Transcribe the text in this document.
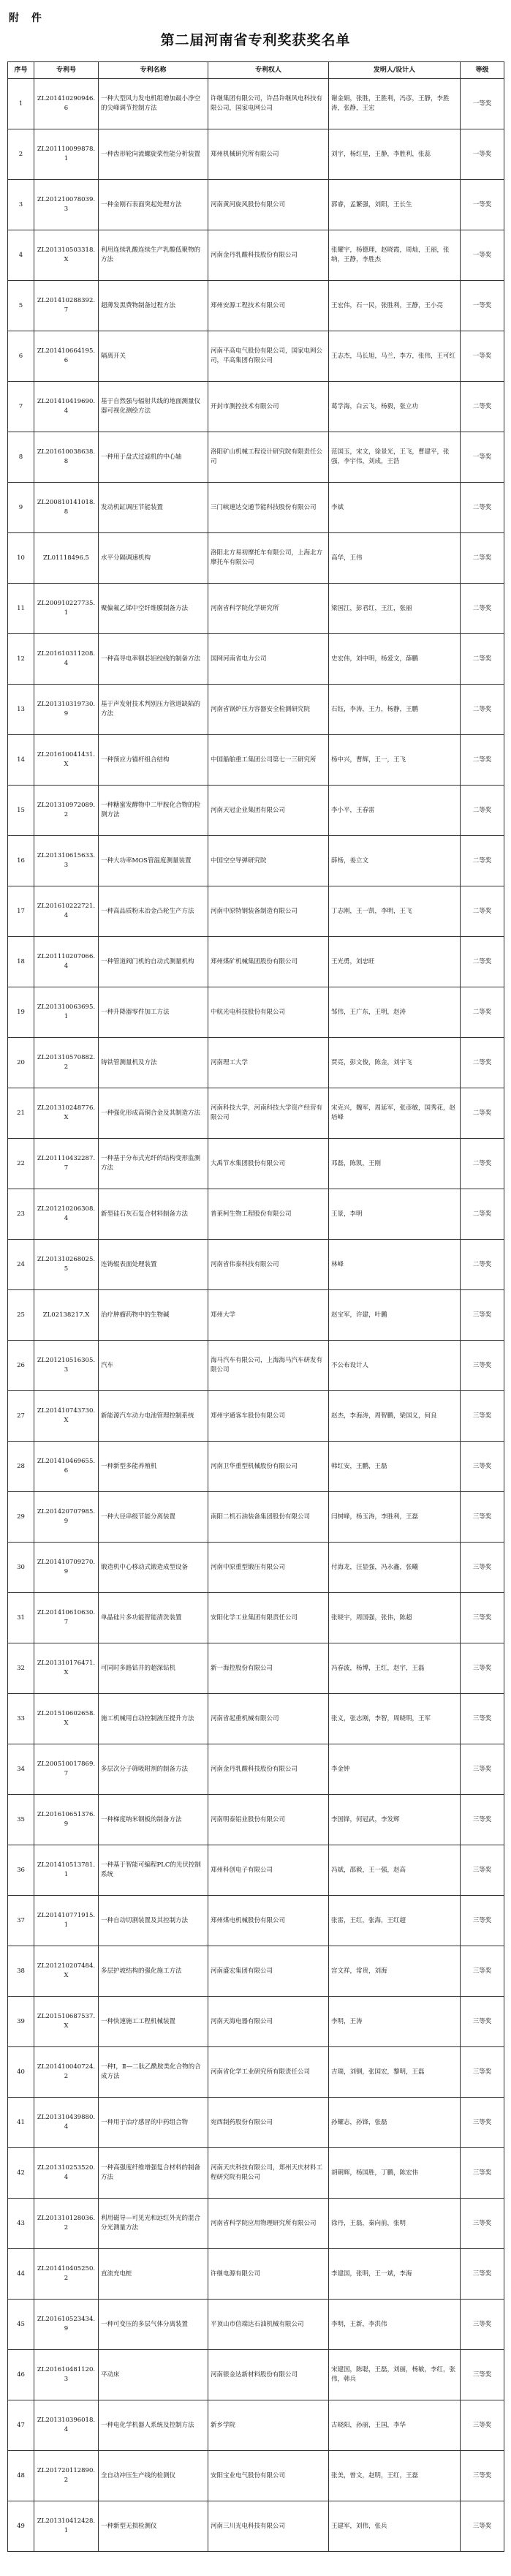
附 件
第二届河南省专利奖获奖名单
序号	专利号	专利名称	专利权人	发明人/设计人	等级
1	ZL201410290946.6	一种大型风力发电机组增加最小净空的尖峰调节控制方法	许继集团有限公司，许昌许继风电科技有限公司，国家电网公司	谢金娟，张胜，王胜利，冯彦，王静，李胜涛，张静，王宏	一等奖
2	ZL201110099878.1	一种齿形轮向流螺旋桨性能分析装置	郑州机械研究所有限公司	刘宇，杨红星，王静，李胜利，张蕊	一等奖
3	ZL201210078039.3	一种金刚石表面突起处理方法	河南黄河旋风股份有限公司	郭睿，孟繁强，刘阳，王长生	一等奖
4	ZL201310503318.X	利用连续乳酸连续生产乳酸低聚物的方法	河南金丹乳酸科技股份有限公司	张耀宇，杨德理，赵晓霞，周灿，王丽，张纳，王静，李胜杰	一等奖
5	ZL201410288392.7	超薄发黑费物制备过程方法	郑州安源工程技术有限公司	王宏伟，石一民，张胜利，王静，王小亮	一等奖
6	ZL201410664195.6	隔离开关	河南平高电气股份有限公司，国家电网公司，平高集团有限公司	王志杰，马长旭，马兰，李方，张伟，王可红	一等奖
7	ZL201410419690.4	基于自然强与辐射共线的地面测量仪器可视化测绘方法	开封市测控技术有限公司	葛学海，白云飞，杨毅，张立功	二等奖
8	ZL201610038638.8	一种用于盘式过滤机的中心轴	洛阳矿山机械工程设计研究院有限责任公司	范国玉，宋文，徐景光，王飞，曹建平，张强，李宇伟，刘成，王浩	一等奖
9	ZL200810141018.8	发动机缸调压节能装置	三门峡速达交通节能科技股份有限公司	李斌	二等奖
10	ZL01118496.5	水平分隔调速机构	洛阳北方易初摩托车有限公司，上海北方摩托车有限公司	高华，王伟	二等奖
11	ZL200910227735.1	聚偏氟乙烯中空纤维膜制备方法	河南省科学院化学研究所	梁国江，彭君红，王江，张丽	二等奖
12	ZL201610311208.4	一种高导电率钢芯铝绞线的制备方法	国网河南省电力公司	史宏伟，刘中明，杨爱文，薛鹏	二等奖
13	ZL201310319730.9	基于声发射技术判别压力管道缺陷的方法	河南省锅炉压力容器安全检测研究院	石钰，李涛，王力，杨静，王鹏	二等奖
14	ZL201610041431.X	一种预应力锚杆组合结构	中国船舶重工集团公司第七一三研究所	杨中兴，曹辉，王一，王飞	二等奖
15	ZL201310972089.2	一种糖蜜发酵物中二甲胺化合物的检测方法	河南天冠企业集团有限公司	李小平，王春雷	二等奖
16	ZL201310615633.3	一种大功率MOS管温度测量装置	中国空空导弹研究院	薛杨，姜立文	二等奖
17	ZL201610222721.4	一种高品质粉末冶金凸轮生产方法	河南中原特钢装备制造有限公司	丁志刚，王一凯，李明，王飞	二等奖
18	ZL201110207066.4	一种管道阀门机的自动式测量机构	郑州煤矿机械集团股份有限公司	王光勇，刘忠旺	二等奖
19	ZL201310063695.1	一种升降器零件加工方法	中航光电科技股份有限公司	邹伟，王广东，王明，赵涛	二等奖
20	ZL201310570882.2	铸铁管测量机及方法	河南理工大学	贾亮，彭文俊，陈金，刘宇飞	二等奖
21	ZL201310248776.X	一种强化形成高铜合金及其制造方法	河南科技大学，河南科技大学资产经营有限公司	宋克兴，魏军，周延军，张彦敏，国秀花，赵培峰	二等奖
22	ZL201110432287.7	一种基于分布式光纤的结构变形监测方法	大禹节水集团股份有限公司	邓磊，陈凯，王刚	二等奖
23	ZL201210206308.4	新型硅石灰石复合材料制备方法	普莱柯生物工程股份有限公司	王景，李明	二等奖
24	ZL201310268025.5	连铸辊表面处理装置	河南省伟泰科技有限公司	林峰	二等奖
25	ZL02138217.X	治疗肿瘤药物中的生物碱	郑州大学	赵宝军，许建，叶鹏	三等奖
26	ZL201210516305.3	汽车	海马汽车有限公司，上海海马汽车研发有限公司	不公布设计人	三等奖
27	ZL201410743730.X	新能源汽车动力电池管理控制系统	郑州宇通客车股份有限公司	赵杰，李海涛，周智鹏，梁国义，何良	三等奖
28	ZL201410469655.6	一种新型多能养殖机	河南卫华重型机械股份有限公司	韩红安，王鹏，王磊	三等奖
29	ZL201420707985.9	一种大径串级节能分离装置	南阳二机石油装备集团股份有限公司	闫树峰，杨玉涛，李胜利，王磊	三等奖
30	ZL201410709270.9	锻造机中心移动式锻造成型设备	河南中原重型锻压有限公司	付海龙，汪显强，冯永鑫，张曦	三等奖
31	ZL201410610630.7	单晶硅片多功能智能清洗装置	安阳化学工业集团有限责任公司	张晓宇，周国强，张伟，陈超	三等奖
32	ZL201310176471.X	可同时多路钻井的超深钻机	新一海控股份有限公司	冯春波，杨博，王红，赵宇，王磊	三等奖
33	ZL201510602658.X	施工机械用自动控制液压提升方法	河南省起重机械有限公司	张义，张志刚，李智，周晓明，王军	三等奖
34	ZL200510017869.7	多层次分子筛吸附剂的制备方法	河南金丹乳酸科技股份有限公司	李金钟	三等奖
35	ZL201610651376.9	一种梯度纳米钢板的制备方法	河南明泰铝业股份有限公司	李国锋，何冠武，李发辉	三等奖
36	ZL201410513781.1	一种基于智能可编程PLC的光伏控制系统	郑州科创电子有限公司	冯斌，邵毅，王一强，赵高	三等奖
37	ZL201410771915.1	一种自动切割装置及其控制方法	郑州煤电机械股份有限公司	张雷，王红，张海，王红超	三等奖
38	ZL201210207484.X	多层护坡结构的强化施工方法	河南盛宏集团有限公司	宫文祥，常贵，刘海	三等奖
39	ZL201510687537.X	一种快速施工工程机械装置	河南天海电器有限公司	李明，王涛	三等奖
40	ZL201410040724.2	一种Ⅰ，Ⅱ—二肽乙酰胺类化合物的合成方法	河南省化学工业研究所有限责任公司	吉瑞，刘钢，张国宏，黎明，王磊	三等奖
41	ZL201310439880.4	一种用于冶疗感冒的中药组合物	宛西制药股份有限公司	孙耀志，孙锋，张磊	三等奖
42	ZL201310253520.4	一种高强度纤维增强复合材料的制备方法	河南天庆科技有限公司，郑州天庆材料工程研究院有限公司	胡朝辉，杨国胜，丁鹏，陈宏伟	三等奖
43	ZL201310128036.2	利用磁导—可见光和远红外光的混合分光测量方法	河南省科学院应用物理研究所有限公司	徐丹，王磊，秦向前，张明	三等奖
44	ZL201410405250.2	直流充电桩	许继电源有限公司	李建国，张明，王一斌，李海	三等奖
45	ZL201610523434.9	一种可变压的多层气体分离装置	平顶山市信瑞达石油机械有限公司	李明，王新，李洪伟	三等奖
46	ZL201610481120.3	平动床	河南银金达新材料股份有限公司	宋建国，陈聪，王磊，刘丽，杨敏，李红，张伟，韩兵	三等奖
47	ZL201310396018.4	一种电化学机器人系统及控制方法	新乡学院	古晓阳，孙丽，王国，李华	三等奖
48	ZL201720112890.2	全自动冲压生产线的检测仪	安阳宝业电气股份有限公司	张美，曾文，赵明，王红，王磊	三等奖
49	ZL201310412428.1	一种新型无损检测仪	河南三川光电科技有限公司	王建军，刘伟，张兵	三等奖
